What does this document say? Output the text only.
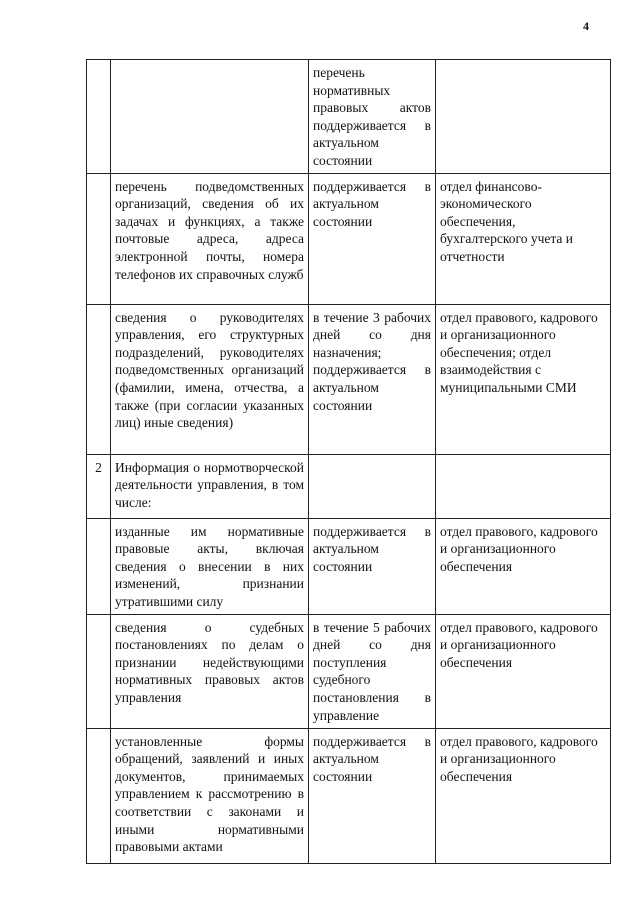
4
		перечень нормативных правовых актов поддерживается в актуальном состоянии	
	перечень подведомственных организаций, сведения об их задачах и функциях, а также почтовые адреса, адреса электронной почты, номера телефонов их справочных служб	поддерживается в актуальном состоянии	отдел финансово-экономического обеспечения, бухгалтерского учета и отчетности
	сведения о руководителях управления, его структурных подразделений, руководителях подведомственных организаций (фамилии, имена, отчества, а также (при согласии указанных лиц) иные сведения)	в течение 3 рабочих дней со дня назначения; поддерживается в актуальном состоянии	отдел правового, кадрового и организационного обеспечения; отдел взаимодействия с муниципальными СМИ
2	Информация о нормотворческой деятельности управления, в том числе:		
	изданные им нормативные правовые акты, включая сведения о внесении в них изменений, признании утратившими силу	поддерживается в актуальном состоянии	отдел правового, кадрового и организационного обеспечения
	сведения о судебных постановлениях по делам о признании недействующими нормативных правовых актов управления	в течение 5 рабочих дней со дня поступления судебного постановления в управление	отдел правового, кадрового и организационного обеспечения
	установленные формы обращений, заявлений и иных документов, принимаемых управлением к рассмотрению в соответствии с законами и иными нормативными правовыми актами	поддерживается в актуальном состоянии	отдел правового, кадрового и организационного обеспечения
